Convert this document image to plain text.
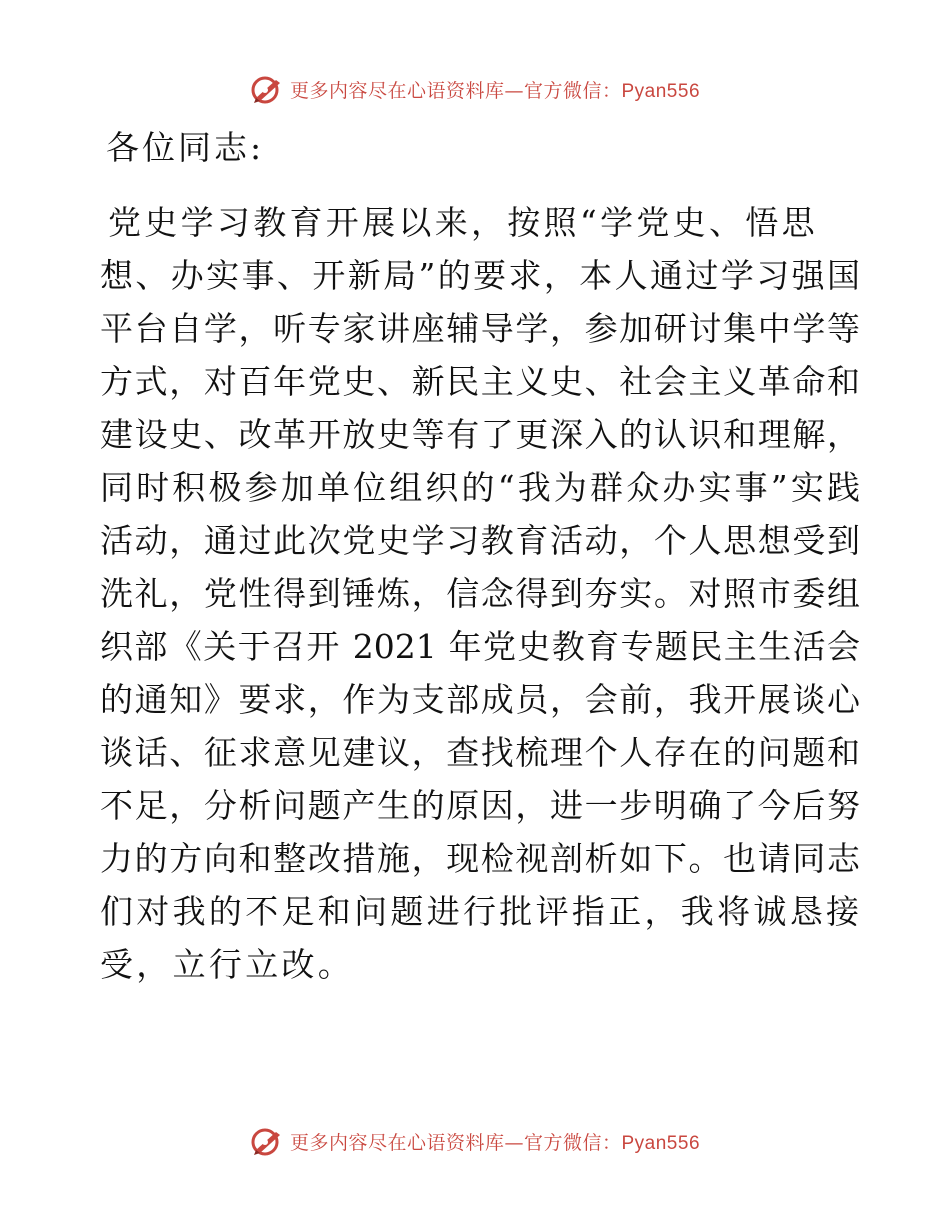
更多内容尽在心语资料库—官方微信：Pyan556
各位同志:
党史学习教育开展以来，按照“学党史、悟思
想、办实事、开新局”的要求，本人通过学习强国
平台自学，听专家讲座辅导学，参加研讨集中学等
方式，对百年党史、新民主义史、社会主义革命和
建设史、改革开放史等有了更深入的认识和理解，
同时积极参加单位组织的“我为群众办实事”实践
活动，通过此次党史学习教育活动，个人思想受到
洗礼，党性得到锤炼，信念得到夯实。对照市委组
织部《关于召开 2021 年党史教育专题民主生活会
的通知》要求，作为支部成员，会前，我开展谈心
谈话、征求意见建议，查找梳理个人存在的问题和
不足，分析问题产生的原因，进一步明确了今后努
力的方向和整改措施，现检视剖析如下。也请同志
们对我的不足和问题进行批评指正，我将诚恳接
受，立行立改。
更多内容尽在心语资料库—官方微信：Pyan556
